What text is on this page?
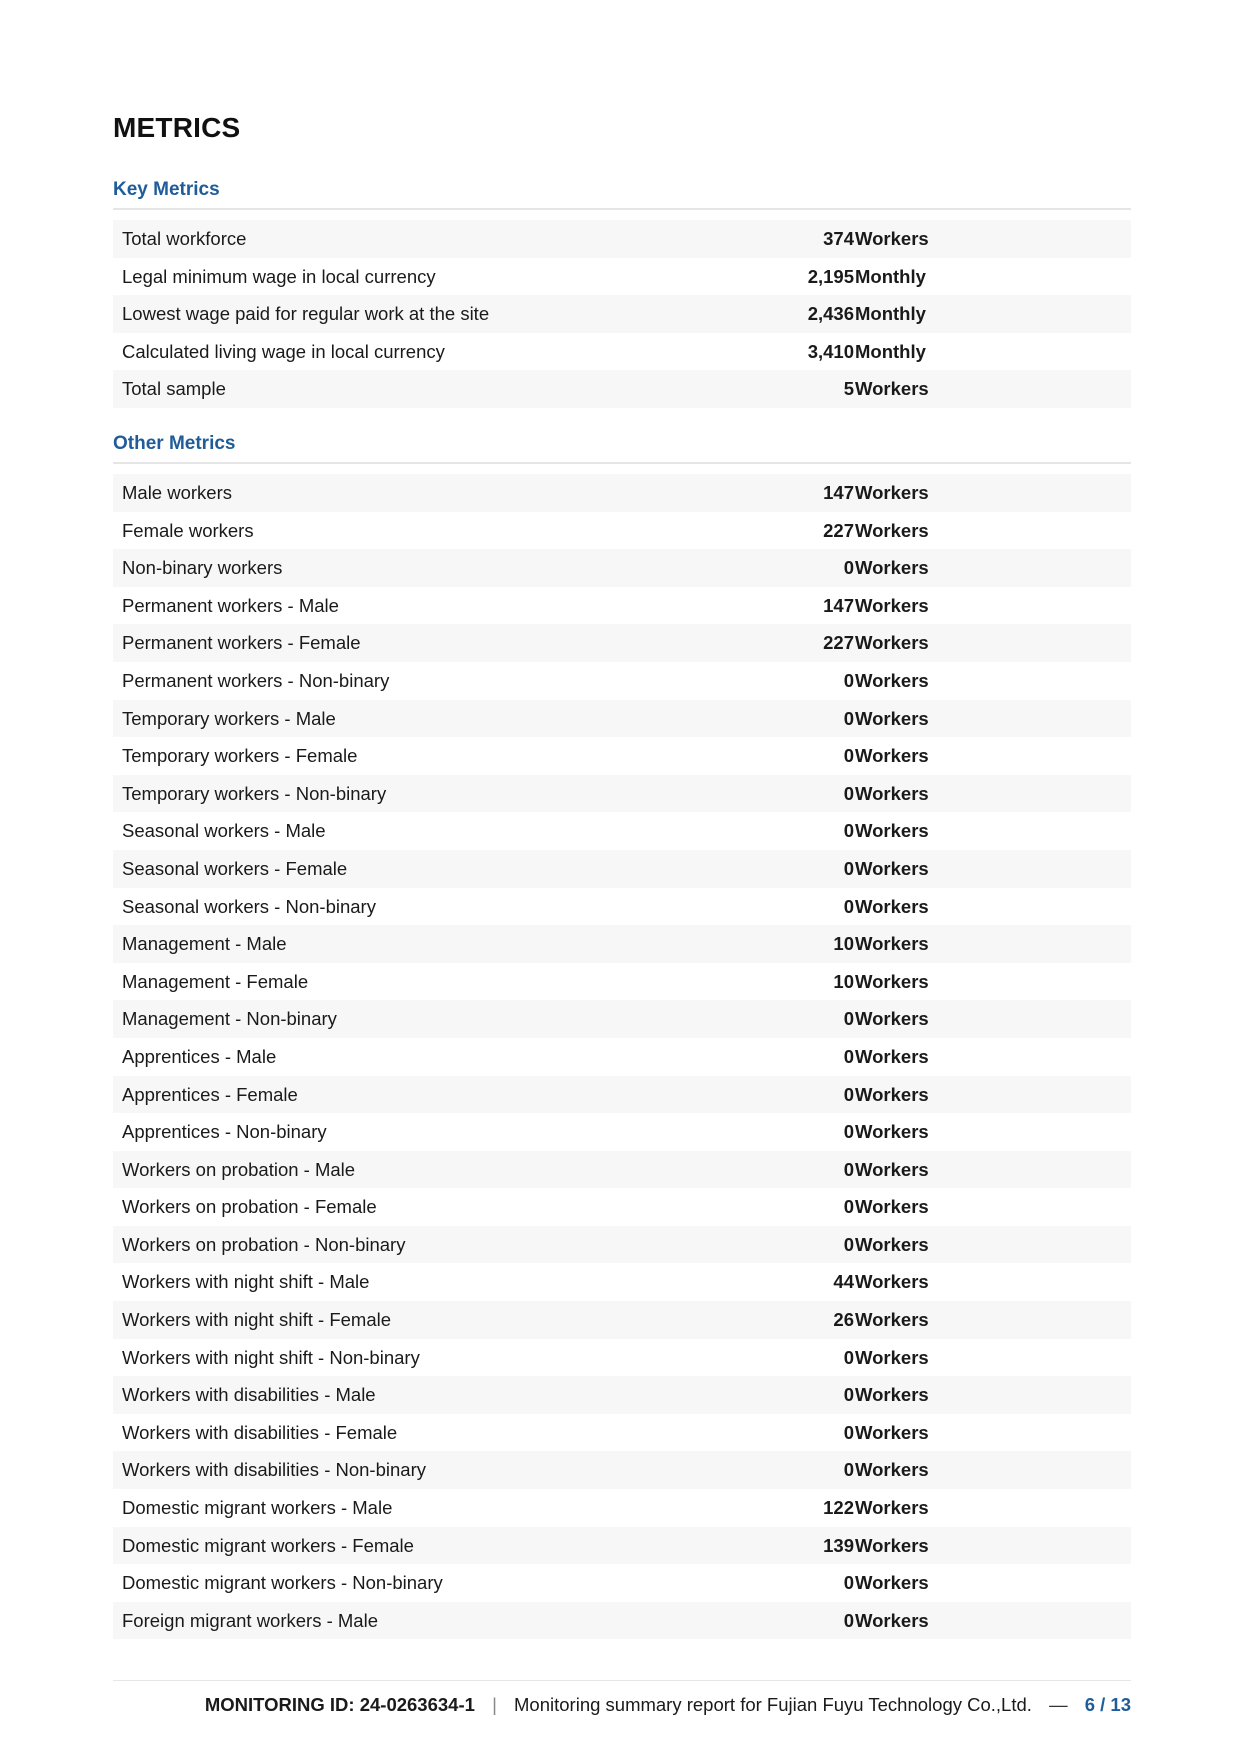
METRICS
Key Metrics
Total workforce	374 Workers
Legal minimum wage in local currency	2,195 Monthly
Lowest wage paid for regular work at the site	2,436 Monthly
Calculated living wage in local currency	3,410 Monthly
Total sample	5 Workers
Other Metrics
Male workers	147 Workers
Female workers	227 Workers
Non-binary workers	0 Workers
Permanent workers - Male	147 Workers
Permanent workers - Female	227 Workers
Permanent workers - Non-binary	0 Workers
Temporary workers - Male	0 Workers
Temporary workers - Female	0 Workers
Temporary workers - Non-binary	0 Workers
Seasonal workers - Male	0 Workers
Seasonal workers - Female	0 Workers
Seasonal workers - Non-binary	0 Workers
Management - Male	10 Workers
Management - Female	10 Workers
Management - Non-binary	0 Workers
Apprentices - Male	0 Workers
Apprentices - Female	0 Workers
Apprentices - Non-binary	0 Workers
Workers on probation - Male	0 Workers
Workers on probation - Female	0 Workers
Workers on probation - Non-binary	0 Workers
Workers with night shift - Male	44 Workers
Workers with night shift - Female	26 Workers
Workers with night shift - Non-binary	0 Workers
Workers with disabilities - Male	0 Workers
Workers with disabilities - Female	0 Workers
Workers with disabilities - Non-binary	0 Workers
Domestic migrant workers - Male	122 Workers
Domestic migrant workers - Female	139 Workers
Domestic migrant workers - Non-binary	0 Workers
Foreign migrant workers - Male	0 Workers
MONITORING ID: 24-0263634-1 | Monitoring summary report for Fujian Fuyu Technology Co.,Ltd. — 6 / 13
